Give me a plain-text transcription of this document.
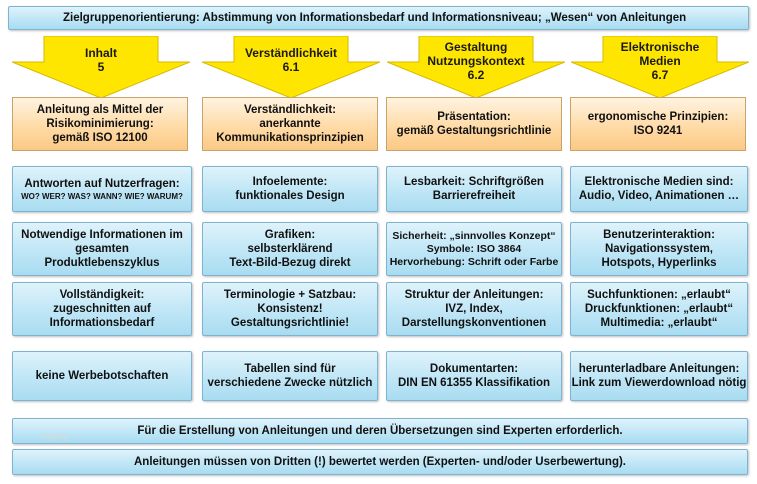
Zielgruppenorientierung: Abstimmung von Informationsbedarf und Informationsniveau; „Wesen“ von Anleitungen
Inhalt
5
Verständlichkeit
6.1
Gestaltung
Nutzungskontext
6.2
Elektronische
Medien
6.7
Anleitung als Mittel der
Risikominimierung:
gemäß ISO 12100
Verständlichkeit:
anerkannte
Kommunikationsprinzipien
Präsentation:
gemäß Gestaltungsrichtlinie
ergonomische Prinzipien:
ISO 9241
Antworten auf Nutzerfragen:
WO? WER? WAS? WANN? WIE? WARUM?
Infoelemente:
funktionales Design
Lesbarkeit: Schriftgrößen
Barrierefreiheit
Elektronische Medien sind:
Audio, Video, Animationen …
Notwendige Informationen im
gesamten
Produktlebenszyklus
Grafiken:
selbsterklärend
Text-Bild-Bezug direkt
Sicherheit: „sinnvolles Konzept“
Symbole: ISO 3864
Hervorhebung: Schrift oder Farbe
Benutzerinteraktion:
Navigationssystem,
Hotspots, Hyperlinks
Vollständigkeit:
zugeschnitten auf
Informationsbedarf
Terminologie + Satzbau:
Konsistenz!
Gestaltungsrichtlinie!
Struktur der Anleitungen:
IVZ, Index,
Darstellungskonventionen
Suchfunktionen: „erlaubt“
Druckfunktionen: „erlaubt“
Multimedia: „erlaubt“
keine Werbebotschaften
Tabellen sind für
verschiedene Zwecke nützlich
Dokumentarten:
DIN EN 61355 Klassifikation
herunterladbare Anleitungen:
Link zum Viewerdownload nötig
Für die Erstellung von Anleitungen und deren Übersetzungen sind Experten erforderlich.
Anleitungen müssen von Dritten (!) bewertet werden (Experten- und/oder Userbewertung).
viyblog
